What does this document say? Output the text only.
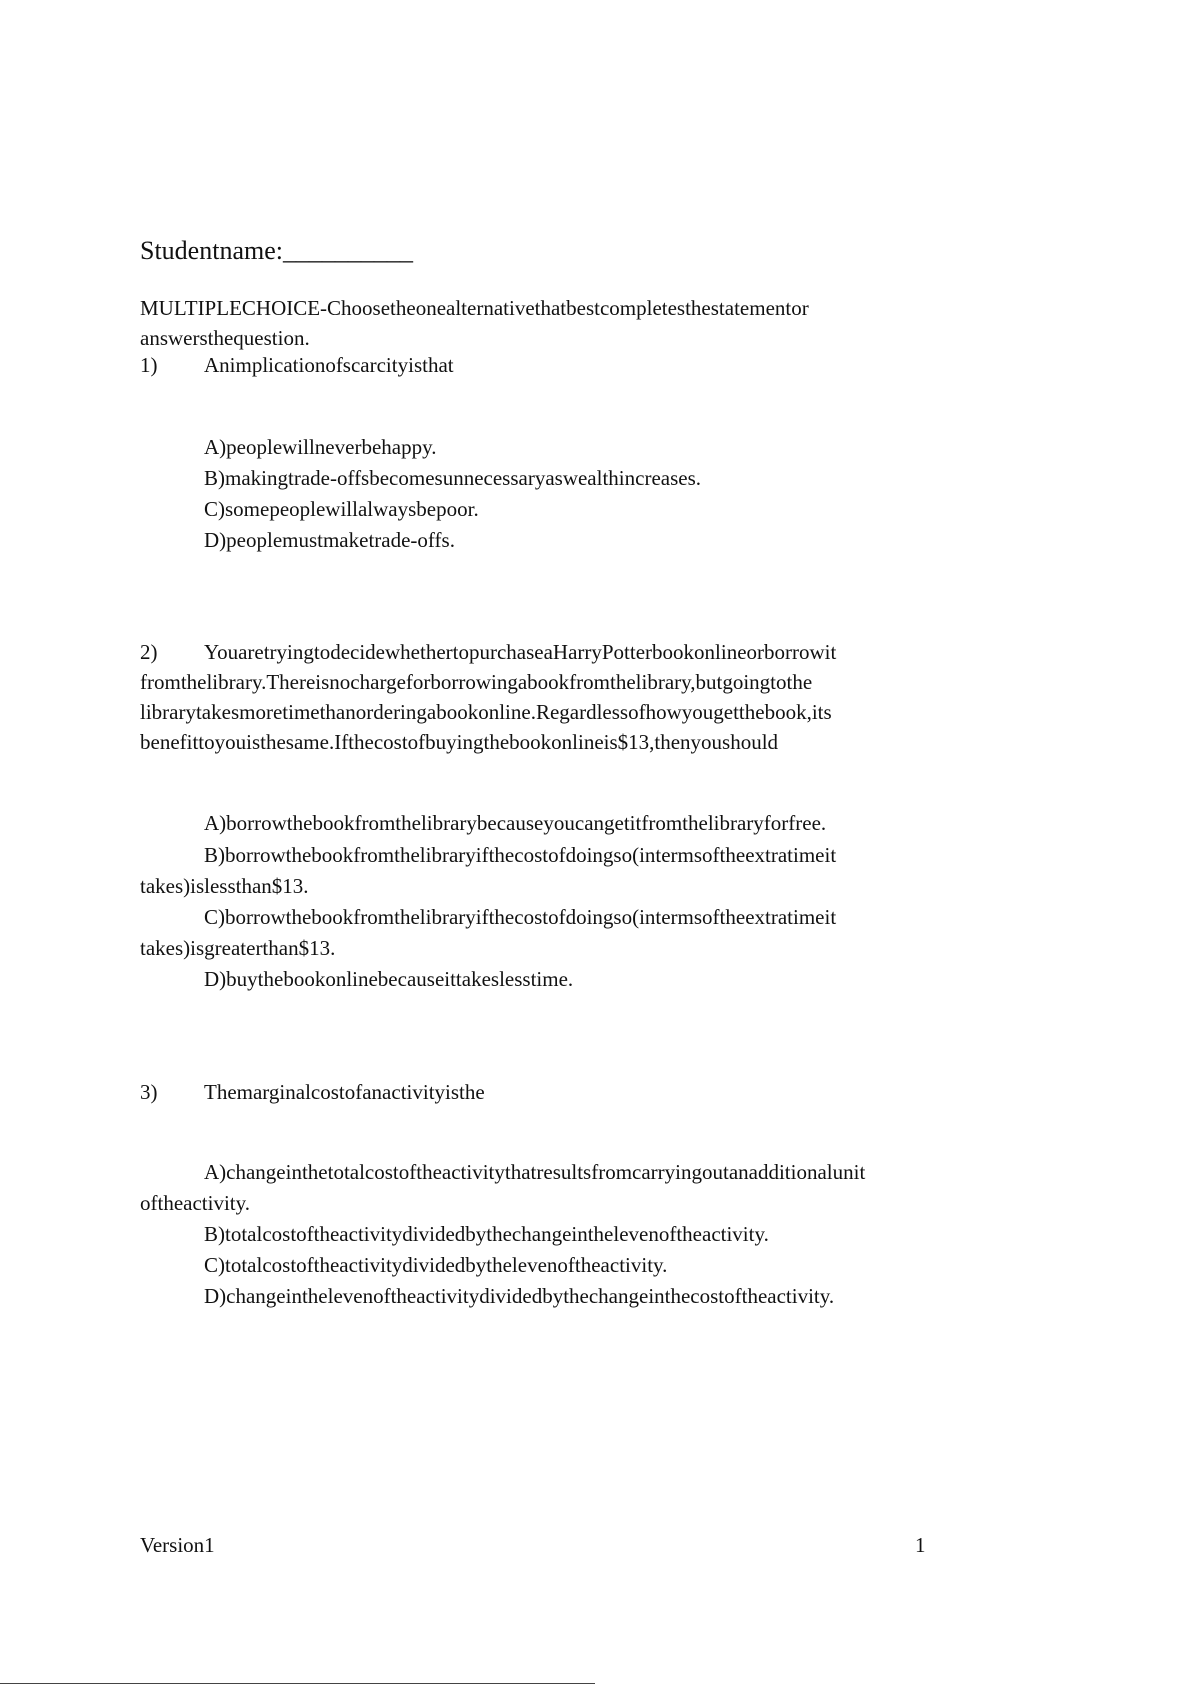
Studentname:__________
MULTIPLECHOICE-Choosetheonealternativethatbestcompletesthestatementor answersthequestion.
1) Animplicationofscarcityisthat
A)peoplewillneverbehappy.
B)makingtrade-offsbecomesunnecessaryaswealthincreases.
C)somepeoplewillalwaysbepoor.
D)peoplemustmaketrade-offs.
2) YouaretryingtodecidewhethertopurchaseaHarryPotterbookonlineorborrowit fromthelibrary.Thereisnochargeforborrowingabookfromthelibrary,butgoingtothe librarytakesmoretimethanorderingabookonline.Regardlessofhowyougetthebook,its benefittoyouisthesame.Ifthecostofbuyingthebookonlineis$13,thenyoushould
A)borrowthebookfromthelibrarybecauseyoucangetitfromthelibraryforfree.
B)borrowthebookfromthelibraryifthecostofdoingso(intermsoftheextratimeit takes)islessthan$13.
C)borrowthebookfromthelibraryifthecostofdoingso(intermsoftheextratimeit takes)isgreaterthan$13.
D)buythebookonlinebecauseittakeslesstime.
3) Themarginalcostofanactivityisthe
A)changeinthetotalcostoftheactivitythatresultsfromcarryingoutanadditionalunit oftheactivity.
B)totalcostoftheactivitydividedbythechangeinthelevenoftheactivity.
C)totalcostoftheactivitydividedbythelevenoftheactivity.
D)changeinthelevenoftheactivitydividedbythechangeinthecostoftheactivity.
Version1	1
